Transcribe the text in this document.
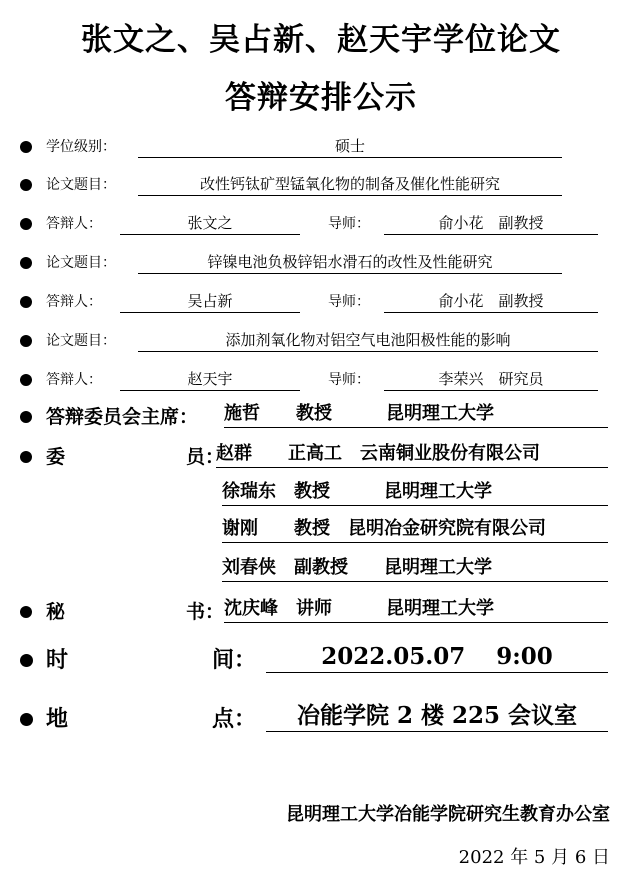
张文之、吴占新、赵天宇学位论文
答辩安排公示
学位级别：	硕士
论文题目：	改性钙钛矿型锰氧化物的制备及催化性能研究
答辩人：	张文之	导师：	俞小花　副教授
论文题目：	锌镍电池负极锌铝水滑石的改性及性能研究
答辩人：	吴占新	导师：	俞小花　副教授
论文题目：	添加剂氧化物对铝空气电池阳极性能的影响
答辩人：	赵天宇	导师：	李荣兴　研究员
答辩委员会主席： 施哲　　教授　　　昆明理工大学
委	员：
赵群　　正高工　云南铜业股份有限公司
徐瑞东　教授　　　昆明理工大学
谢刚　　教授　昆明冶金研究院有限公司
刘春侠　副教授　　昆明理工大学
秘	书： 沈庆峰　讲师　　　昆明理工大学
时	间：	2022.05.07　 9:00
地	点：	冶能学院 2 楼 225 会议室
昆明理工大学冶能学院研究生教育办公室
2022 年 5 月 6 日
